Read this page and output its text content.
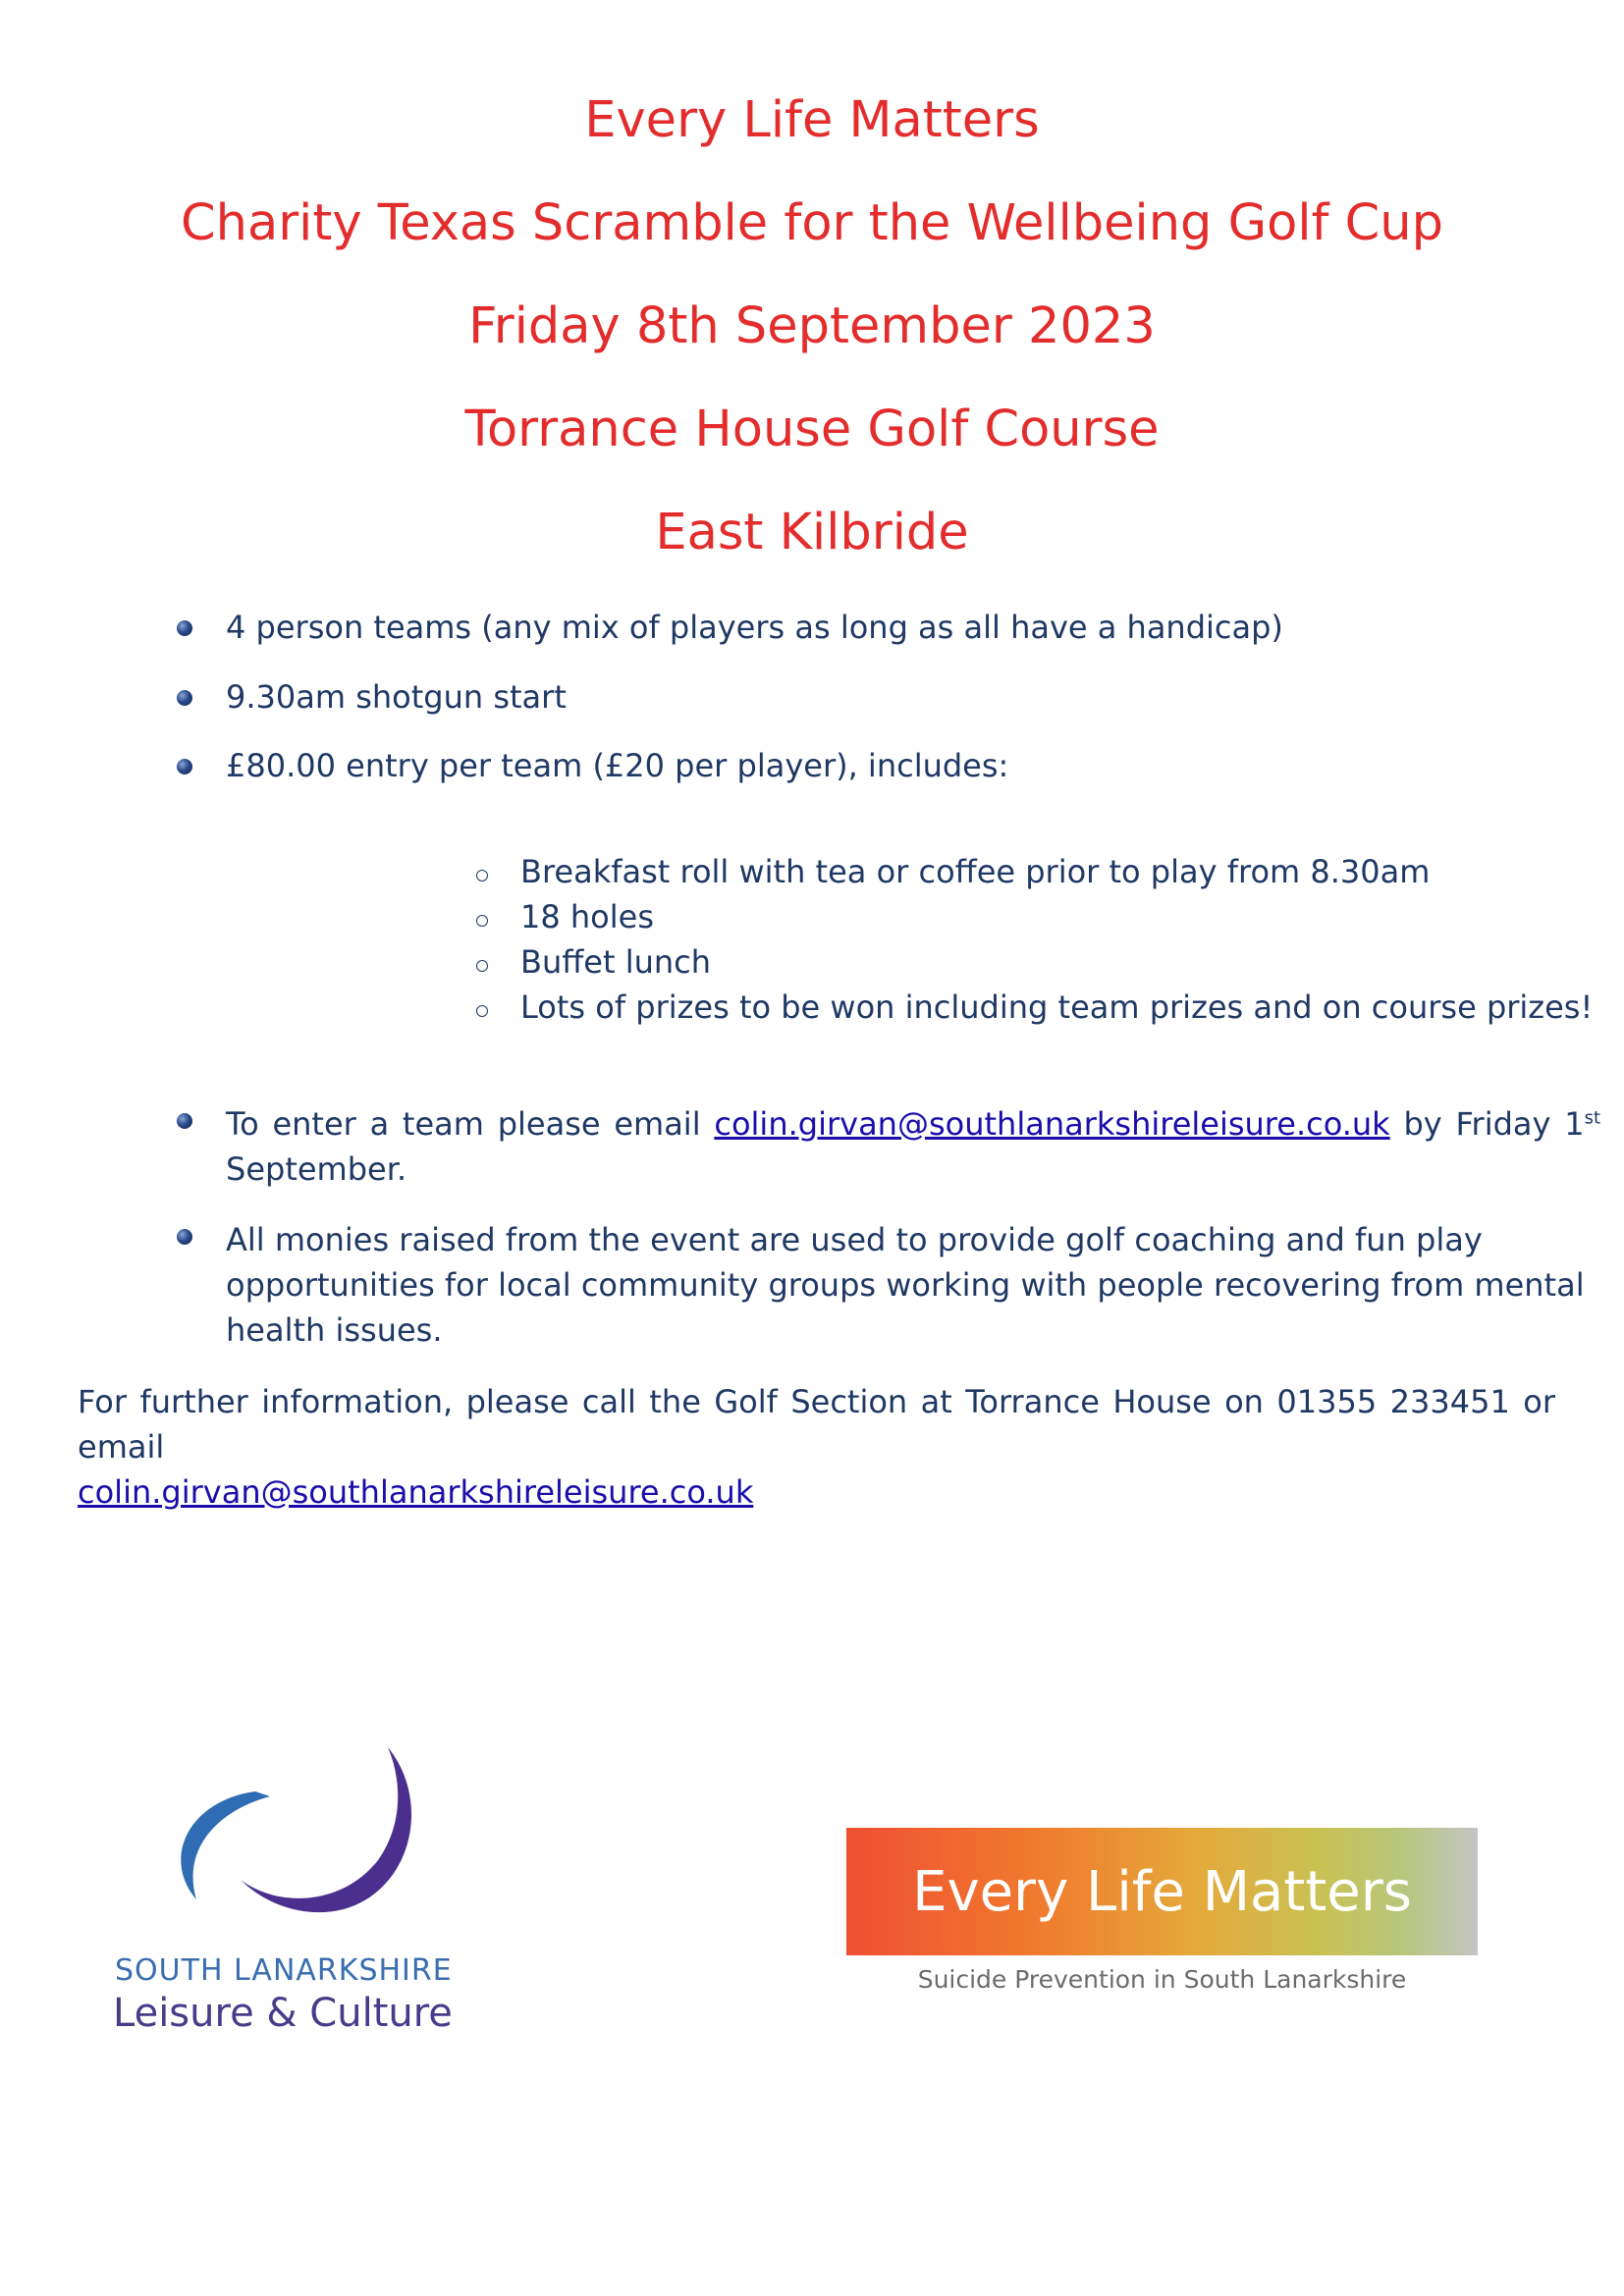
Every Life Matters
Charity Texas Scramble for the Wellbeing Golf Cup
Friday 8th September 2023
Torrance House Golf Course
East Kilbride
4 person teams (any mix of players as long as all have a handicap)
9.30am shotgun start
£80.00 entry per team (£20 per player), includes:
To enter a team please email colin.girvan@southlanarkshireleisure.co.uk by Friday 1st September.
All monies raised from the event are used to provide golf coaching and fun play opportunities for local community groups working with people recovering from mental health issues.
Breakfast roll with tea or coffee prior to play from 8.30am
18 holes
Buffet lunch
Lots of prizes to be won including team prizes and on course prizes!
For further information, please call the Golf Section at Torrance House on 01355 233451 or email
colin.girvan@southlanarkshireleisure.co.uk
SOUTH LANARKSHIRE
Leisure & Culture
Every Life Matters
Suicide Prevention in South Lanarkshire
